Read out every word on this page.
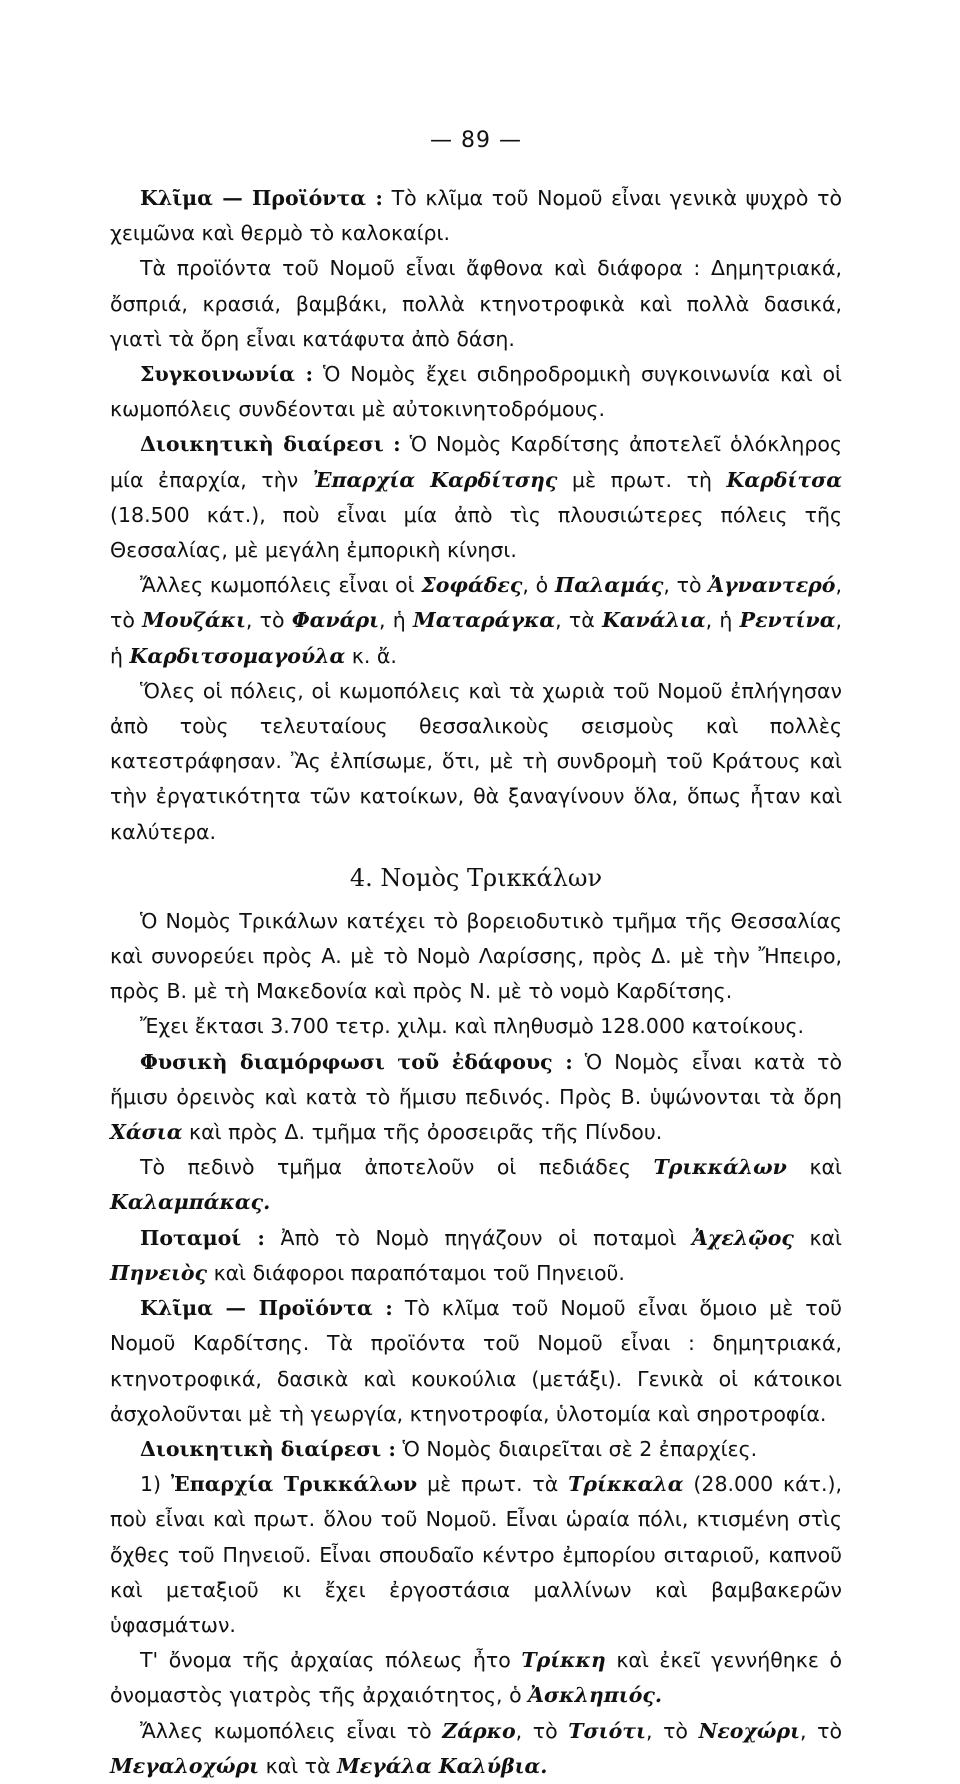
— 89 —

Κλῖμα — Προϊόντα : Τὸ κλῖμα τοῦ Νομοῦ εἶναι γενικὰ ψυχρὸ τὸ χειμῶνα καὶ θερμὸ τὸ καλοκαίρι.

Τὰ προϊόντα τοῦ Νομοῦ εἶναι ἄφθονα καὶ διάφορα : Δημητριακά, ὄσπριά, κρασιά, βαμβάκι, πολλὰ κτηνοτροφικὰ καὶ πολλὰ δασικά, γιατὶ τὰ ὄρη εἶναι κατάφυτα ἀπὸ δάση.

Συγκοινωνία : Ὁ Νομὸς ἔχει σιδηροδρομικὴ συγκοινωνία καὶ οἱ κωμοπόλεις συνδέονται μὲ αὐτοκινητοδρόμους.

Διοικητικὴ διαίρεσι : Ὁ Νομὸς Καρδίτσης ἀποτελεῖ ὁλόκληρος μία ἐπαρχία, τὴν Ἐπαρχία Καρδίτσης μὲ πρωτ. τὴ Καρδίτσα (18.500 κάτ.), ποὺ εἶναι μία ἀπὸ τὶς πλουσιώτερες πόλεις τῆς Θεσσαλίας, μὲ μεγάλη ἐμπορικὴ κίνησι.

Ἄλλες κωμοπόλεις εἶναι οἱ Σοφάδες, ὁ Παλαμάς, τὸ Ἀγναντερό, τὸ Μουζάκι, τὸ Φανάρι, ἡ Ματαράγκα, τὰ Κανάλια, ἡ Ρεντίνα, ἡ Καρδιτσομαγούλα κ. ἄ.

Ὅλες οἱ πόλεις, οἱ κωμοπόλεις καὶ τὰ χωριὰ τοῦ Νομοῦ ἐπλήγησαν ἀπὸ τοὺς τελευταίους θεσσαλικοὺς σεισμοὺς καὶ πολλὲς κατεστράφησαν. Ἂς ἐλπίσωμε, ὅτι, μὲ τὴ συνδρομὴ τοῦ Κράτους καὶ τὴν ἐργατικότητα τῶν κατοίκων, θὰ ξαναγίνουν ὅλα, ὅπως ἦταν καὶ καλύτερα.

4. Νομὸς Τρικκάλων

Ὁ Νομὸς Τρικάλων κατέχει τὸ βορειοδυτικὸ τμῆμα τῆς Θεσσαλίας καὶ συνορεύει πρὸς Α. μὲ τὸ Νομὸ Λαρίσσης, πρὸς Δ. μὲ τὴν Ἤπειρο, πρὸς Β. μὲ τὴ Μακεδονία καὶ πρὸς Ν. μὲ τὸ νομὸ Καρδίτσης.

Ἔχει ἔκτασι 3.700 τετρ. χιλμ. καὶ πληθυσμὸ 128.000 κατοίκους.

Φυσικὴ διαμόρφωσι τοῦ ἐδάφους : Ὁ Νομὸς εἶναι κατὰ τὸ ἥμισυ ὀρεινὸς καὶ κατὰ τὸ ἥμισυ πεδινός. Πρὸς Β. ὑψώνονται τὰ ὄρη Χάσια καὶ πρὸς Δ. τμῆμα τῆς ὀροσειρᾶς τῆς Πίνδου.

Τὸ πεδινὸ τμῆμα ἀποτελοῦν οἱ πεδιάδες Τρικκάλων καὶ Καλαμπάκας.

Ποταμοί : Ἀπὸ τὸ Νομὸ πηγάζουν οἱ ποταμοὶ Ἀχελῷος καὶ Πηνειὸς καὶ διάφοροι παραπόταμοι τοῦ Πηνειοῦ.

Κλῖμα — Προϊόντα : Τὸ κλῖμα τοῦ Νομοῦ εἶναι ὅμοιο μὲ τοῦ Νομοῦ Καρδίτσης. Τὰ προϊόντα τοῦ Νομοῦ εἶναι : δημητριακά, κτηνοτροφικά, δασικὰ καὶ κουκούλια (μετάξι). Γενικὰ οἱ κάτοικοι ἀσχολοῦνται μὲ τὴ γεωργία, κτηνοτροφία, ὑλοτομία καὶ σηροτροφία.

Διοικητικὴ διαίρεσι : Ὁ Νομὸς διαιρεῖται σὲ 2 ἐπαρχίες.

1) Ἐπαρχία Τρικκάλων μὲ πρωτ. τὰ Τρίκκαλα (28.000 κάτ.), ποὺ εἶναι καὶ πρωτ. ὅλου τοῦ Νομοῦ. Εἶναι ὡραία πόλι, κτισμένη στὶς ὄχθες τοῦ Πηνειοῦ. Εἶναι σπουδαῖο κέντρο ἐμπορίου σιταριοῦ, καπνοῦ καὶ μεταξιοῦ κι ἔχει ἐργοστάσια μαλλίνων καὶ βαμβακερῶν ὑφασμάτων.

Τ' ὄνομα τῆς ἀρχαίας πόλεως ἦτο Τρίκκη καὶ ἐκεῖ γεννήθηκε ὁ ὀνομαστὸς γιατρὸς τῆς ἀρχαιότητος, ὁ Ἀσκληπιός.

Ἄλλες κωμοπόλεις εἶναι τὸ Ζάρκο, τὸ Τσιότι, τὸ Νεοχώρι, τὸ Μεγαλοχώρι καὶ τὰ Μεγάλα Καλύβια.
